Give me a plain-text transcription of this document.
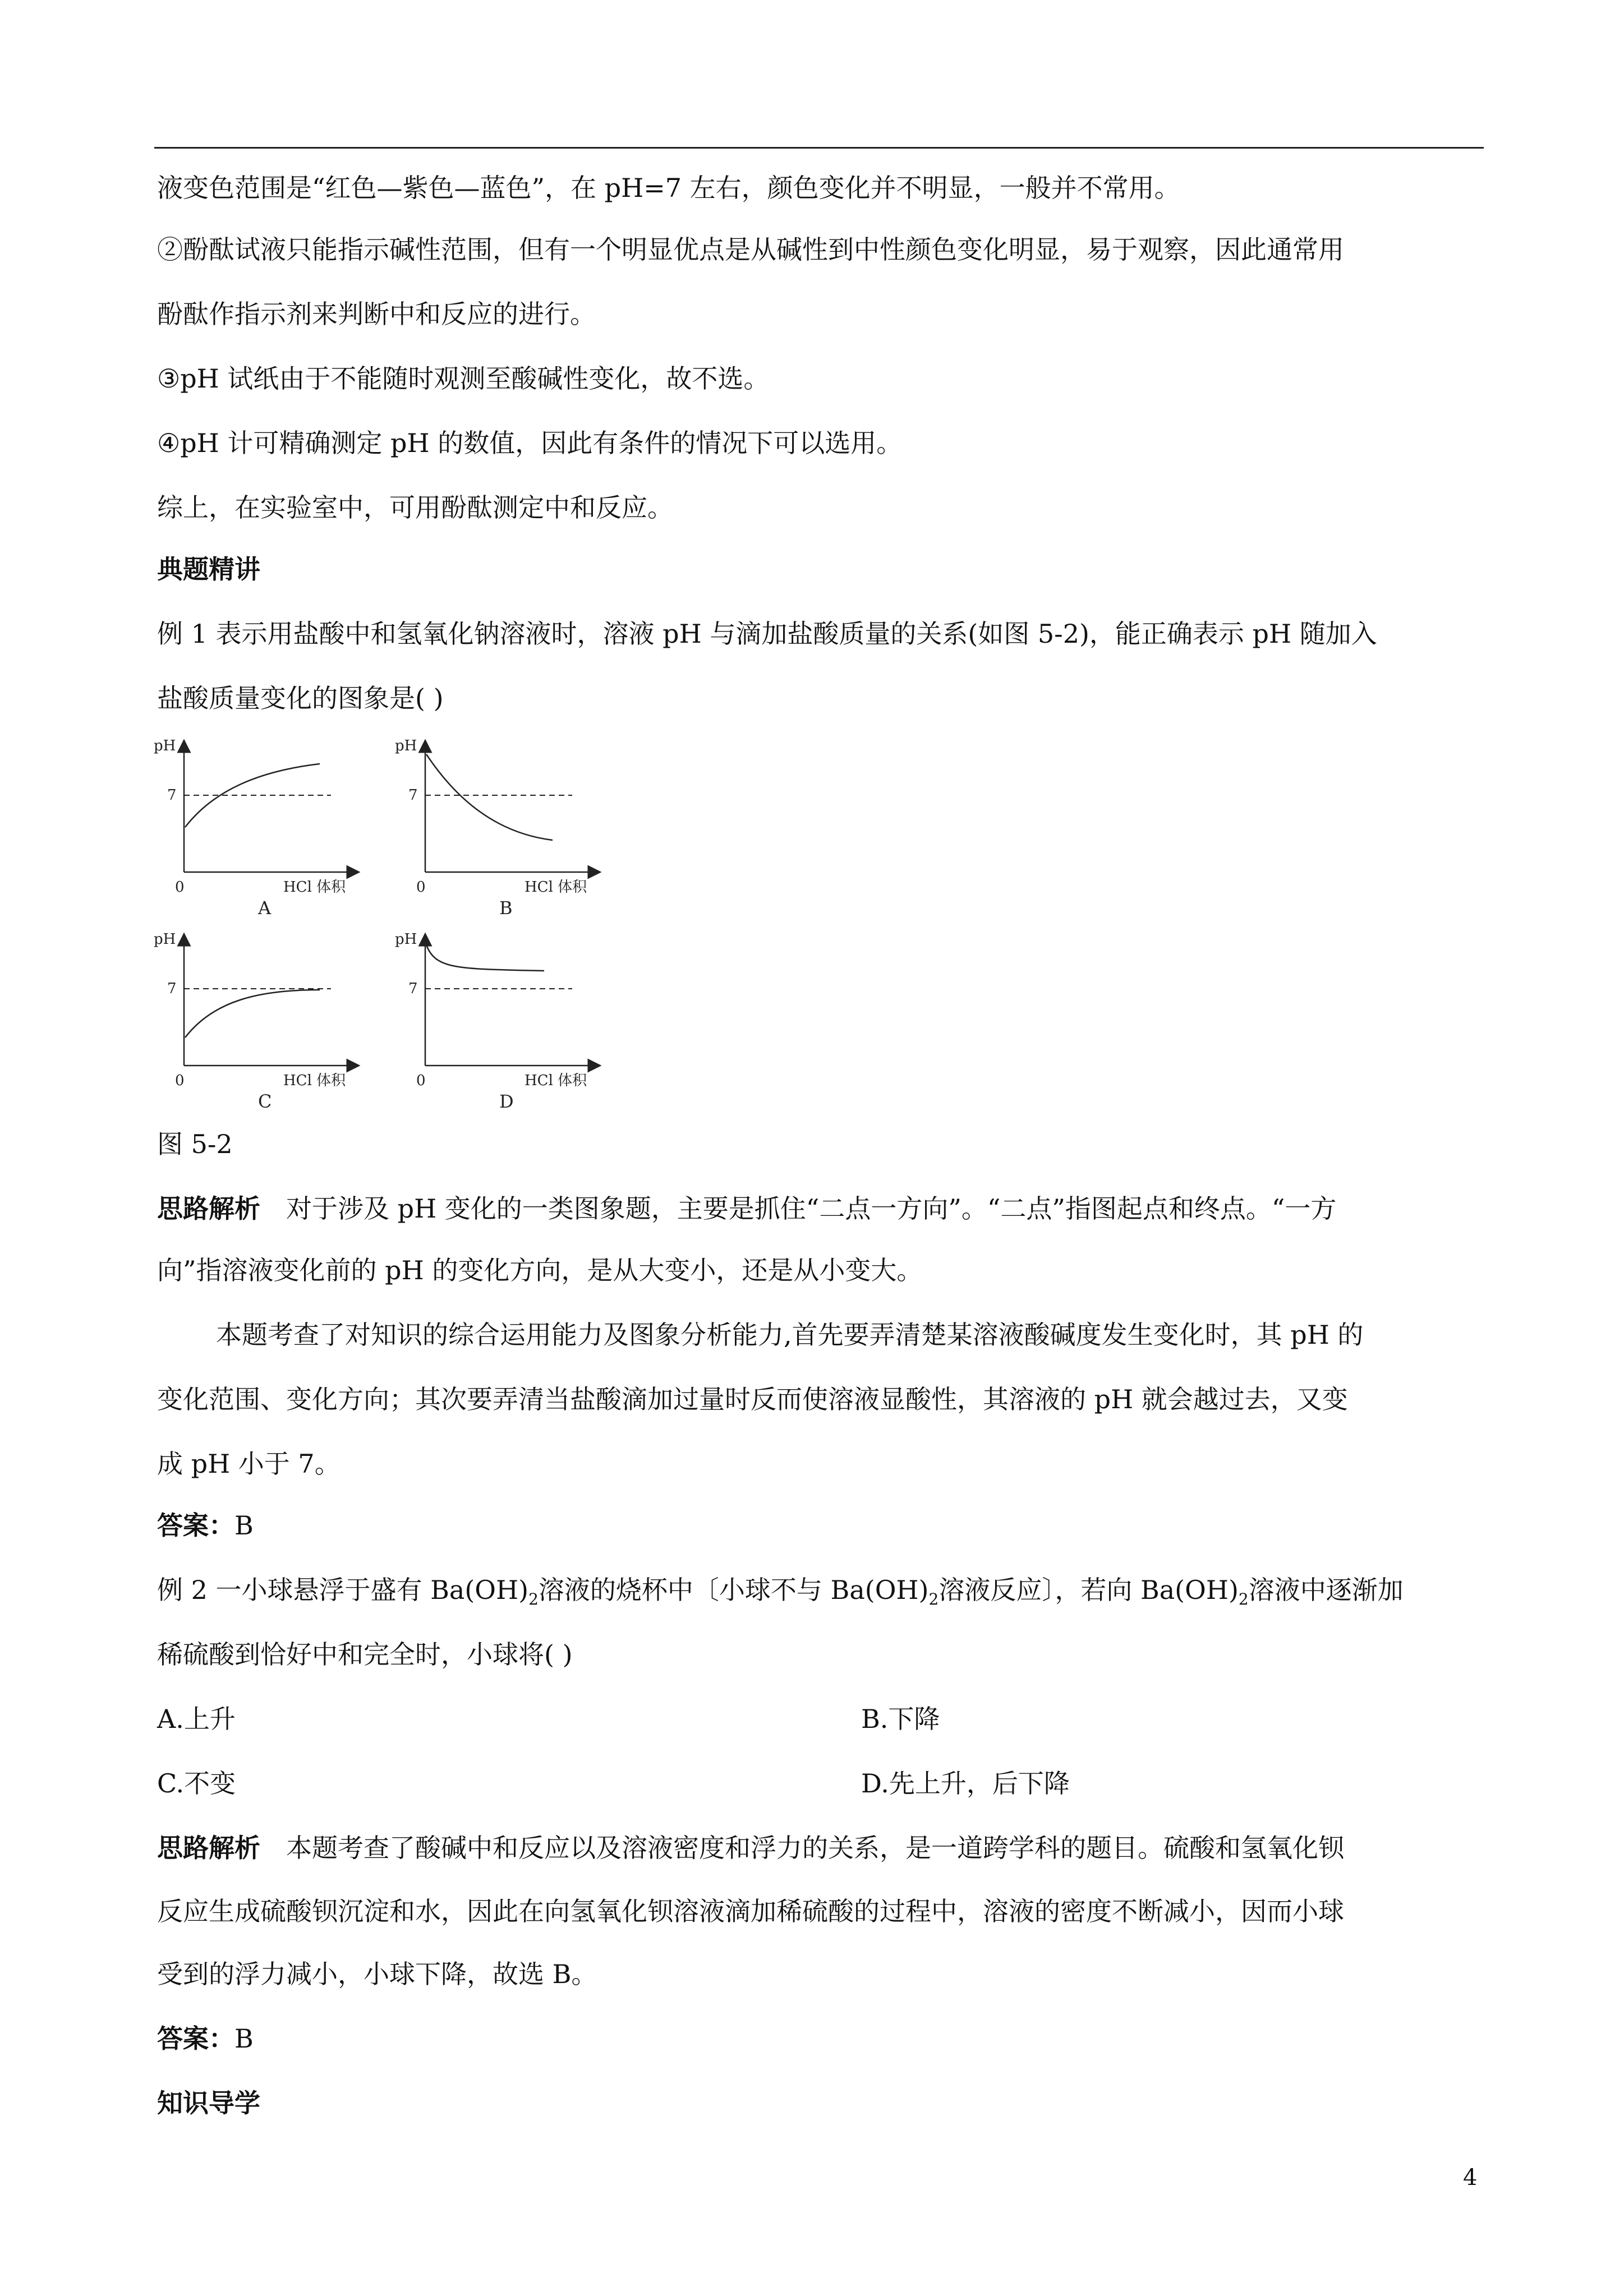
液变色范围是“红色—紫色—蓝色”，在 pH=7 左右，颜色变化并不明显，一般并不常用。
②酚酞试液只能指示碱性范围，但有一个明显优点是从碱性到中性颜色变化明显，易于观察，因此通常用
酚酞作指示剂来判断中和反应的进行。
③pH 试纸由于不能随时观测至酸碱性变化，故不选。
④pH 计可精确测定 pH 的数值，因此有条件的情况下可以选用。
综上，在实验室中，可用酚酞测定中和反应。
典题精讲
例 1 表示用盐酸中和氢氧化钠溶液时，溶液 pH 与滴加盐酸质量的关系(如图 5-2)，能正确表示 pH 随加入
盐酸质量变化的图象是( )
pH
7
0	HCl 体积
A
pH
7
0	HCl 体积
B
pH
7
0	HCl 体积
C
pH
7
0	HCl 体积
D
图 5-2
思路解析 对于涉及 pH 变化的一类图象题，主要是抓住“二点一方向”。“二点”指图起点和终点。“一方
向”指溶液变化前的 pH 的变化方向，是从大变小，还是从小变大。
本题考查了对知识的综合运用能力及图象分析能力,首先要弄清楚某溶液酸碱度发生变化时，其 pH 的
变化范围、变化方向；其次要弄清当盐酸滴加过量时反而使溶液显酸性，其溶液的 pH 就会越过去，又变
成 pH 小于 7。
答案：B
例 2 一小球悬浮于盛有 $Ba(OH)_2$溶液的烧杯中〔小球不与 $Ba(OH)_2$溶液反应〕，若向 $Ba(OH)_2$溶液中逐渐加
稀硫酸到恰好中和完全时，小球将( )
A.上升	B.下降
C.不变	D.先上升，后下降
思路解析 本题考查了酸碱中和反应以及溶液密度和浮力的关系，是一道跨学科的题目。硫酸和氢氧化钡
反应生成硫酸钡沉淀和水，因此在向氢氧化钡溶液滴加稀硫酸的过程中，溶液的密度不断减小，因而小球
受到的浮力减小，小球下降，故选 B。
答案：B
知识导学
4
